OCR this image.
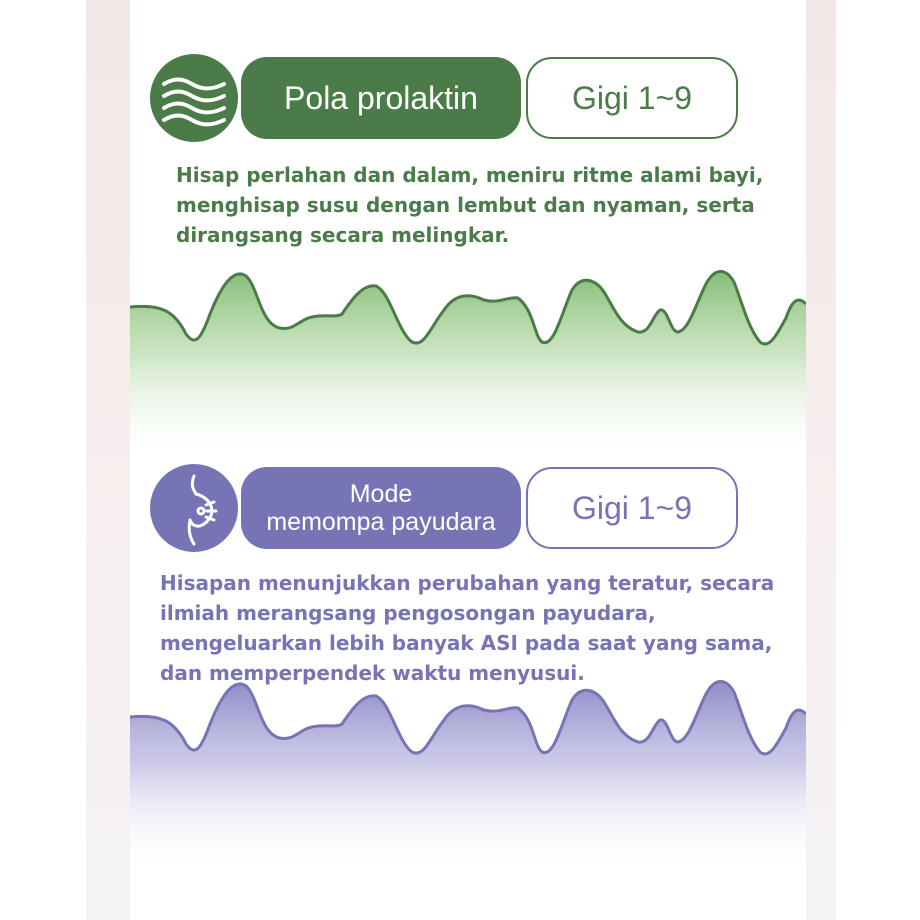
Pola prolaktin	Gigi 1~9
Hisap perlahan dan dalam, meniru ritme alami bayi,
menghisap susu dengan lembut dan nyaman, serta
dirangsang secara melingkar.
Mode
memompa payudara Gigi 1~9
Hisapan menunjukkan perubahan yang teratur, secara
ilmiah merangsang pengosongan payudara,
mengeluarkan lebih banyak ASI pada saat yang sama,
dan memperpendek waktu menyusui.
